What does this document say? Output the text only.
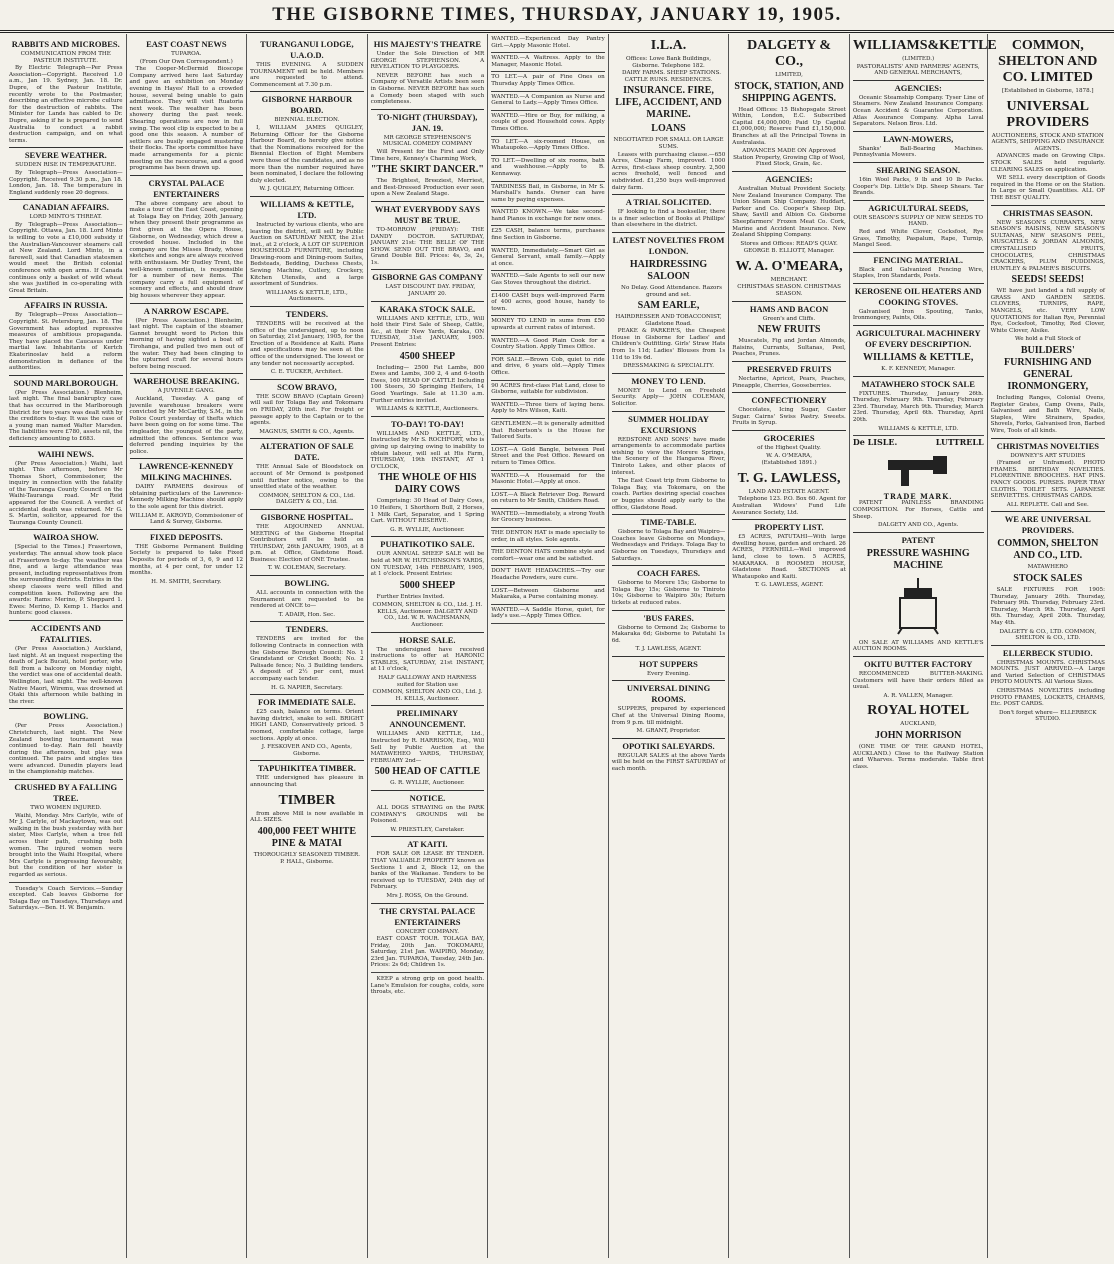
THE GISBORNE TIMES, THURSDAY, JANUARY 19, 1905.
RABBITS AND MICROBES.
COMMUNICATION FROM THE PASTEUR INSTITUTE.

By Electric Telegraph—Per Press Association—Copyright. Received 1.0 a.m., Jan 19. Sydney, Jan. 18. Dr. Dupre, of the Pasteur Institute, recently wrote to the Postmaster, describing an effective microbe culture for the destruction of rabbits. The Minister for Lands has cabled to Dr. Dupre, asking if he is prepared to send Australia to conduct a rabbit destruction campaign, and on what terms.

SEVERE WEATHER.
SUDDEN RISE IN TEMPERATURE.

By Telegraph—Press Association—Copyright. Received 9.30 p.m., Jan 18. London, Jan. 18. The temperature in England suddenly rose 20 degrees.

CANADIAN AFFAIRS.
LORD MINTO'S THREAT.

By Telegraph—Press Association—Copyright. Ottawa, Jan. 18. Lord Minto is willing to vote a £10,000 subsidy if the Australian-Vancouver steamers call at New Zealand. Lord Minto, in a farewell, said that Canadian statesmen would meet the British colonial conference with open arms. If Canada continues only a basket of wild wheat she was justified in co-operating with Great Britain.

AFFAIRS IN RUSSIA.

By Telegraph—Press Association—Copyright. St. Petersburg, Jan. 18. The Government has adopted repressive measures of ambitious propaganda. They have placed the Caucasus under martial law. Inhabitants of Kertch Ekaterinoslav held a reform demonstration in defiance of the authorities.

SOUND MARLBOROUGH.

(Per Press Association.) Blenheim, last night. The final bankruptcy case that has occurred in the Marlborough District for two years was dealt with by the creditors to-day. It was the case of a young man named Walter Marsden. The liabilities were £780, assets nil, the deficiency amounting to £683.

WAIHI NEWS.

(Per Press Association.) Waihi, last night. This afternoon, before Mr Thomas Short, Commissioner, the inquiry in connection with the fatality of the Tauranga County Council on the Waihi-Tauranga road. Mr Reid appeared for the Council. A verdict of accidental death was returned. Mr G. S. Martin, solicitor, appeared for the Tauranga County Council.

WAIROA SHOW.

[Special to the Times.] Frasertown, yesterday. The annual show took place at Frasertown to-day. The weather was fine, and a large attendance was present, including representatives from the surrounding districts. Entries in the sheep classes were well filled and competition keen. Following are the awards: Rams: Merino, P. Sheppard 1. Ewes: Merino, D. Kemp 1. Hacks and hunters: good classes.

ACCIDENTS AND FATALITIES.

(Per Press Association.) Auckland, last night. At an inquest respecting the death of Jack Bucati, hotel porter, who fell from a balcony on Monday night, the verdict was one of accidental death. Wellington, last night. The well-known Native Maori, Wiremu, was drowned at Otaki this afternoon while bathing in the river.

BOWLING.

(Per Press Association.) Christchurch, last night. The New Zealand bowling tournament was continued to-day. Rain fell heavily during the afternoon, but play was continued. The pairs and singles ties were advanced. Dunedin players lead in the championship matches.

CRUSHED BY A FALLING TREE.
TWO WOMEN INJURED.

Waihi, Monday. Mrs Carlyle, wife of Mr J. Carlyle, of Mackaytown, was out walking in the bush yesterday with her sister, Miss Carlyle, when a tree fell across their path, crushing both women. The injured women were brought into the Waihi Hospital, where Mrs Carlyle is progressing favourably, but the condition of her sister is regarded as serious.

Tuesday's Coach Services.—Sunday excepted. Cab leaves Gisborne for Tolaga Bay on Tuesdays, Thursdays and Saturdays.—Ben. H. W. Benjamin.

EAST COAST NEWS
TUPAROA.
(From Our Own Correspondent.)

The Cooper-McDermid Bioscope Company arrived here last Saturday and gave an exhibition on Monday evening in Hayes' Hall to a crowded house, several being unable to gain admittance. They will visit Ruatoria next week. The weather has been showery during the past week. Shearing operations are now in full swing. The wool clip is expected to be a good one this season. A number of settlers are busily engaged mustering their flocks. The sports committee have made arrangements for a picnic meeting on the racecourse, and a good programme has been drawn up.

CRYSTAL PALACE ENTERTAINERS

The above company are about to make a tour of the East Coast, opening at Tolaga Bay on Friday, 20th January, when they present their programme as first given at the Opera House, Gisborne, on Wednesday, which drew a crowded house. Included in the company are the Misses Brady, whose sketches and songs are always received with enthusiasm. Mr Dudley Trent, the well-known comedian, is responsible for a number of new items. The company carry a full equipment of scenery and effects, and should draw big houses wherever they appear.

A NARROW ESCAPE.

(Per Press Association.) Blenheim, last night. The captain of the steamer Gannet brought word to Picton this morning of having sighted a boat off Tirohanga, and pulled two men out of the water. They had been clinging to the upturned craft for several hours before being rescued.

WAREHOUSE BREAKING.
A JUVENILE GANG.

Auckland, Tuesday. A gang of juvenile warehouse breakers were convicted by Mr McCarthy, S.M., in the Police Court yesterday of thefts which have been going on for some time. The ringleader, the youngest of the party, admitted the offences. Sentence was deferred pending inquiries by the police.

LAWRENCE-KENNEDY MILKING MACHINES.

DAIRY FARMERS desirous of obtaining particulars of the Lawrence-Kennedy Milking Machine should apply to the sole agent for this district.

WILLIAM E. AKROYD, Commissioner of Land & Survey, Gisborne.
FIXED DEPOSITS.

THE Gisborne Permanent Building Society is prepared to take Fixed Deposits for periods of 3, 6, 9 and 12 months, at 4 per cent, for under 12 months.

H. M. SMITH, Secretary.
TURANGANUI LODGE, U.A.O.D.

THIS EVENING. A SUDDEN TOURNAMENT will be held. Members are requested to attend. Commencement at 7.30 p.m.

GISBORNE HARBOUR BOARD.
BIENNIAL ELECTION.

I, WILLIAM JAMES QUIGLEY, Returning Officer for the Gisborne Harbour Board, do hereby give notice that the Nominations received for the Biennial Election of Eight Members were those of the candidates, and as no more than the number required have been nominated, I declare the following duly elected.

W. J. QUIGLEY, Returning Officer.
WILLIAMS & KETTLE, LTD.

Instructed by various clients, who are leaving the district, will sell by Public Auction on SATURDAY NEXT, the 21st inst., at 2 o'clock, A LOT OF SUPERIOR HOUSEHOLD FURNITURE, including Drawing-room and Dining-room Suites, Bedsteads, Bedding, Duchess Chests, Sewing Machine, Cutlery, Crockery, Kitchen Utensils, and a large assortment of Sundries.

WILLIAMS & KETTLE, LTD., Auctioneers.
TENDERS.

TENDERS will be received at the office of the undersigned, up to noon on Saturday, 21st January, 1905, for the Erection of a Residence at Kaiti. Plans and specifications may be seen at the office of the undersigned. The lowest or any tender not necessarily accepted.

C. E. TUCKER, Architect.
SCOW BRAVO,

THE SCOW BRAVO (Captain Green) will sail for Tolaga Bay and Tokomaru on FRIDAY, 20th inst. For freight or passage apply to the Captain or to the agents.

MAGNUS, SMITH & CO., Agents.
ALTERATION OF SALE DATE.

THE Annual Sale of Bloodstock on account of Mr Ormond is postponed until further notice, owing to the unsettled state of the weather.

COMMON, SHELTON & CO., Ltd. DALGETY & CO., Ltd.
GISBORNE HOSPITAL.

THE ADJOURNED ANNUAL MEETING of the Gisborne Hospital Contributors will be held on THURSDAY, 26th JANUARY, 1905, at 8 p.m. at Office, Gladstone Road. Business: Election of ONE Trustee.

T. W. COLEMAN, Secretary.
BOWLING.

ALL accounts in connection with the Tournament are requested to be rendered at ONCE to—

T. ADAIR, Hon. Sec.
TENDERS.

TENDERS are invited for the following Contracts in connection with the Gisborne Borough Council: No. 1 Grandstand or Cricket Booth; No. 2 Palisade fence; No. 3 Building tenders. A deposit of 2½ per cent, must accompany each tender.

H. G. NAPIER, Secretary.
FOR IMMEDIATE SALE.

£25 cash, balance on terms. Orient having district, snake to sell. BRIGHT HIGH LAND, Conservatively priced. 5 roomed, comfortable cottage, large sections. Apply at once.

J. FESKOVER AND CO., Agents, Gisborne.
TAPUHIKITEA TIMBER.

THE undersigned has pleasure in announcing that

TIMBER

from above Mill is now available in ALL SIZES.

400,000 FEET WHITE PINE & MATAI
THOROUGHLY SEASONED TIMBER.
P. HALL, Gisborne.
HIS MAJESTY'S THEATRE

Under the Sole Direction of MR GEORGE STEPHENSON. A REVELATION TO PLAYGOERS.

NEVER BEFORE has such a Company of Versatile Artists been seen in Gisborne. NEVER BEFORE has such a Comedy been staged with such completeness.

TO-NIGHT (THURSDAY), JAN. 19.
MR GEORGE STEPHENSON'S MUSICAL COMEDY COMPANY

Will Present for the First and Only Time here, Kenney's Charming Work,

"THE SKIRT DANCER."

The Brightest, Breeziest, Merriest, and Best-Dressed Production ever seen upon a New Zealand Stage.

WHAT EVERYBODY SAYS MUST BE TRUE.

TO-MORROW (FRIDAY): THE DANDY DOCTOR. SATURDAY, JANUARY 21st: THE BELLE OF THE SHOW. SEND OUT THE BRAVO, and Grand Double Bill. Prices: 4s, 3s, 2s, 1s.

GISBORNE GAS COMPANY

LAST DISCOUNT DAY. FRIDAY, JANUARY 20.

KARAKA STOCK SALE.

WILLIAMS AND KETTLE, LTD., Will hold their First Sale of Sheep, Cattle, &c., at their New Yards, Karaka, ON TUESDAY, 31st JANUARY, 1905. Present Entries:

4500 SHEEP

Including— 2500 Fat Lambs, 800 Ewes and Lambs, 300 2, 4 and 6-tooth Ewes, 160 HEAD OF CATTLE Including 100 Steers, 30 Springing Heifers, 14 Good Yearlings. Sale at 11.30 a.m. Further entries invited.

WILLIAMS & KETTLE, Auctioneers.
TO-DAY! TO-DAY!

WILLIAMS AND KETTLE, LTD., Instructed by Mr S. ROCHFORT, who is giving up dairying owing to inability to obtain labour, will sell at His Farm, THURSDAY, 19th INSTANT, AT 1 O'CLOCK,

THE WHOLE OF HIS DAIRY COWS

Comprising: 30 Head of Dairy Cows, 10 Heifers, 1 Shorthorn Bull, 2 Horses, 1 Milk Cart, Separator, and 1 Spring Cart. WITHOUT RESERVE.

G. R. WYLLIE, Auctioneer.
PUHATIKOTIKO SALE.

OUR ANNUAL SHEEP SALE will be held at MR W. HUTCHINSON'S YARDS, ON TUESDAY, 14th FEBRUARY, 1905, at 1 o'clock. Present Entries:

5000 SHEEP

Further Entries Invited.

COMMON, SHELTON & CO., Ltd. J. H. KELLS, Auctioneer. DALGETY AND CO., Ltd. W. R. WACHSMANN, Auctioneer.
HORSE SALE.

The undersigned have received instructions to offer at HARONIC STABLES, SATURDAY, 21st INSTANT, at 11 o'clock,

HALF GALLOWAY AND HARNESS suited for Station use
COMMON, SHELTON AND CO., Ltd. J. H. KELLS, Auctioneer.
PRELIMINARY ANNOUNCEMENT.

WILLIAMS AND KETTLE, Ltd., Instructed by R. HARRISON, Esq., Will Sell by Public Auction at the MATAWEHEO YARDS, THURSDAY, FEBRUARY 2nd—

500 HEAD OF CATTLE
G. R. WYLLIE, Auctioneer.
NOTICE.

ALL DOGS STRAYING on the PARK COMPANY'S GROUNDS will be Poisoned.

W. PRIESTLEY, Caretaker.
AT KAITI.

FOR SALE OR LEASE BY TENDER. THAT VALUABLE PROPERTY known as Sections 1 and 2, Block 12, on the banks of the Waikanae. Tenders to be received up to TUESDAY, 24th day of February.

Mrs J. ROSS, On the Ground.
THE CRYSTAL PALACE ENTERTAINERS
CONCERT COMPANY.

EAST COAST TOUR. TOLAGA BAY, Friday, 20th Jan. TOKOMARU, Saturday, 21st Jan. WAIPIRO, Monday, 23rd Jan. TUPAROA, Tuesday, 24th Jan. Prices: 2s 6d; Children 1s.

KEEP a strong grip on good health. Lane's Emulsion for coughs, colds, sore throats, etc.

WANTED.—Experienced Day Pantry Girl.—Apply Masonic Hotel.

WANTED.—A Waitress. Apply to the Manager, Masonic Hotel.

TO LET.—A pair of Fine Ones on Thursday Apply Times Office.

WANTED.—A Companion as Nurse and General to Lady.—Apply Times Office.

WANTED.—Hire or Buy, for milking, a couple of good Household cows. Apply Times Office.

TO LET.—A six-roomed House, on Whataupoko.—Apply Times Office.

TO LET.—Dwelling of six rooms, bath and washhouse.—Apply to B. Kennaway.

TARDINESS Bail, in Gisborne, in Mr S. Marshall's hands. Owner can have same by paying expenses.

WANTED KNOWN.—We take second-hand Pianos in exchange for new ones.

£25 CASH, balance terms, purchases fine Section in Gisborne.

WANTED, Immediately.—Smart Girl as General Servant, small family.—Apply at once.

WANTED.—Sale Agents to sell our new Gas Stoves throughout the district.

£1400 CASH buys well-improved Farm of 400 acres, good house, handy to town.

MONEY TO LEND in sums from £50 upwards at current rates of interest.

WANTED.—A Good Plain Cook for a Country Station. Apply Times Office.

FOR SALE.—Brown Cob, quiet to ride and drive, 6 years old.—Apply Times Office.

90 ACRES first-class Flat Land, close to Gisborne, suitable for subdivision.

WANTED.—Three tiers of laying hens. Apply to Mrs Wilson, Kaiti.

GENTLEMEN.—It is generally admitted that Robertson's is the House for Tailored Suits.

LOST.—A Gold Bangle, between Peel Street and the Post Office. Reward on return to Times Office.

WANTED.—A Housemaid for the Masonic Hotel.—Apply at once.

LOST.—A Black Retriever Dog. Reward on return to Mr Smith, Childers Road.

WANTED.—Immediately, a strong Youth for Grocery business.

THE DENTON HAT is made specially to order, in all styles. Sole agents.

THE DENTON HATS combine style and comfort—wear one and be satisfied.

DON'T HAVE HEADACHES.—Try our Headache Powders, sure cure.

LOST.—Between Gisborne and Makaraka, a Purse containing money.

WANTED.—A Saddle Horse, quiet, for lady's use.—Apply Times Office.

I.L.A.
Offices: Lowe Bank Buildings, Gisborne. Telephone 182.

DAIRY FARMS. SHEEP STATIONS. CATTLE RUNS. RESIDENCES.

INSURANCE. FIRE, LIFE, ACCIDENT, AND MARINE.
LOANS
NEGOTIATED FOR SMALL OR LARGE SUMS.

Leases with purchasing clause.—650 Acres, Cheap Farm, improved. 1000 Acres, first-class sheep country. 2,500 acres freehold, well fenced and subdivided. £1,250 buys well-improved dairy farm.

A TRIAL SOLICITED.

IF looking to find a bookseller, there is a finer selection of Books at Phillips' than elsewhere in the district.

LATEST NOVELTIES FROM LONDON.
HAIRDRESSING SALOON

No Delay. Good Attendance. Razors ground and set.

SAM EARLE,
HAIRDRESSER AND TOBACCONIST, Gladstone Road.

PEAKE & PARKER'S, the Cheapest House in Gisborne for Ladies' and Children's Outfitting. Girls' Straw Hats from 1s 11d; Ladies' Blouses from 1s 11d to 19s 6d.

DRESSMAKING & SPECIALITY.
MONEY TO LEND.

MONEY to Lend on Freehold Security. Apply— JOHN COLEMAN, Solicitor.

SUMMER HOLIDAY EXCURSIONS

REDSTONE AND SONS' have made arrangements to accommodate parties wishing to view the Morere Springs, the Scenery of the Hangaroa River, Tiniroto Lakes, and other places of interest.

The East Coast trip from Gisborne to Tolaga Bay, via Tokomaru, on the coach. Parties desiring special coaches or buggies should apply early to the office, Gladstone Road.

TIME-TABLE.

Gisborne to Tolaga Bay and Waipiro—Coaches leave Gisborne on Mondays, Wednesdays and Fridays. Tolaga Bay to Gisborne on Tuesdays, Thursdays and Saturdays.

COACH FARES.

Gisborne to Morere 15s; Gisborne to Tolaga Bay 15s; Gisborne to Tiniroto 10s; Gisborne to Waipiro 30s; Return tickets at reduced rates.

'BUS FARES.

Gisborne to Ormond 2s; Gisborne to Makaraka 6d; Gisborne to Patutahi 1s 6d.

T. J. LAWLESS, AGENT.
HOT SUPPERS
Every Evening.
UNIVERSAL DINING ROOMS.

SUPPERS, prepared by experienced Chef at the Universal Dining Rooms, from 9 p.m. till midnight.

M. GRANT, Proprietor.
OPOTIKI SALEYARDS.

REGULAR SALES at the above Yards will be held on the FIRST SATURDAY of each month.

DALGETY & CO.,
LIMITED,
STOCK, STATION, AND SHIPPING AGENTS.

Head Offices: 15 Bishopsgate Street Within, London, E.C. Subscribed Capital £4,000,000; Paid Up Capital £1,000,000; Reserve Fund £1,150,000. Branches at all the Principal Towns in Australasia.

ADVANCES MADE ON Approved Station Property, Growing Clip of Wool, Fixed Stock, Grain, &c.
AGENCIES:

Australian Mutual Provident Society. New Zealand Insurance Company. The Union Steam Ship Company. Huddart, Parker and Co. Cooper's Sheep Dip. Shaw, Savill and Albion Co. Gisborne Sheepfarmers' Frozen Meat Co. Cork, Marine and Accident Insurance. New Zealand Shipping Company.

Stores and Offices: READ'S QUAY.
GEORGE B. ELLIOTT, Manager.
W. A. O'MEARA,
MERCHANT.
CHRISTMAS SEASON. CHRISTMAS SEASON.
HAMS AND BACON
Green's and Cliffs.
NEW FRUITS

Muscatels, Fig and Jordan Almonds, Raisins, Currants, Sultanas, Peel, Peaches, Prunes.

PRESERVED FRUITS

Nectarine, Apricot, Pears, Peaches, Pineapple, Cherries, Gooseberries.

CONFECTIONERY

Chocolates, Icing Sugar, Caster Sugar. Cairns' Swiss Pastry. Sweets. Fruits in Syrup.

GROCERIES
of the Highest Quality.
W. A. O'MEARA,
(Established 1891.)
T. G. LAWLESS,
LAND AND ESTATE AGENT.

Telephone 123. P.O. Box 60. Agent for Australian Widows' Fund Life Assurance Society, Ltd.

PROPERTY LIST.

£5 ACRES, PATUTAHI—With large dwelling house, garden and orchard. 26 ACRES, FERNHILL—Well improved land, close to town. 5 ACRES, MAKARAKA. 8 ROOMED HOUSE, Gladstone Road. SECTIONS at Whataupoko and Kaiti.

T. G. LAWLESS, AGENT.
WILLIAMS&KETTLE
(LIMITED.)
PASTORALISTS' AND FARMERS' AGENTS, AND GENERAL MERCHANTS,
AGENCIES:

Oceanic Steamship Company. Tyser Line of Steamers. New Zealand Insurance Company. Ocean Accident & Guarantee Corporation. Atlas Assurance Company. Alpha Laval Separators. Nelson Bros. Ltd.

LAWN-MOWERS,

Shanks' Ball-Bearing Machines. Pennsylvania Mowers.

SHEARING SEASON.

16in Wool Packs, 9 lb and 10 lb Packs. Cooper's Dip. Little's Dip. Sheep Shears. Tar Brands.

AGRICULTURAL SEEDS,
OUR SEASON'S SUPPLY OF NEW SEEDS TO HAND.

Red and White Clover, Cocksfoot, Rye Grass, Timothy, Paspalum, Rape, Turnip, Mangel Seed.

FENCING MATERIAL.

Black and Galvanized Fencing Wire, Staples, Iron Standards, Posts.

KEROSENE OIL HEATERS AND COOKING STOVES.

Galvanised Iron Spouting, Tanks, Ironmongery, Paints, Oils.

AGRICULTURAL MACHINERY OF EVERY DESCRIPTION.
WILLIAMS & KETTLE,
K. F. KENNEDY, Manager.
MATAWHERO STOCK SALE

FIXTURES. Thursday, January 26th. Thursday, February 9th. Thursday, February 23rd. Thursday, March 9th. Thursday, March 23rd. Thursday, April 6th. Thursday, April 20th.

WILLIAMS & KETTLE, LTD.
De LISLE.	LUTTRELL
TRADE MARK.

PATENT PAINLESS BRANDING COMPOSITION. For Horses, Cattle and Sheep.

DALGETY AND CO., Agents.
PATENT
PRESSURE WASHING MACHINE

ON SALE AT WILLIAMS AND KETTLE'S AUCTION ROOMS.

OKITU BUTTER FACTORY

RECOMMENCED BUTTER-MAKING. Customers will have their orders filled as usual.

A. R. VALLEN, Manager.
ROYAL HOTEL
AUCKLAND,
JOHN MORRISON

(ONE TIME OF THE GRAND HOTEL, AUCKLAND.) Close to the Railway Station and Wharves. Terms moderate. Table first class.

COMMON, SHELTON AND CO. LIMITED
[Established in Gisborne, 1878.]
UNIVERSAL PROVIDERS
AUCTIONEERS, STOCK AND STATION AGENTS, SHIPPING AND INSURANCE AGENTS.

ADVANCES made on Growing Clips. STOCK SALES held regularly. CLEARING SALES on application.

WE SELL every description of Goods required in the Home or on the Station. In Large or Small Quantities. ALL OF THE BEST QUALITY.

CHRISTMAS SEASON.

NEW SEASON'S CURRANTS, NEW SEASON'S RAISINS, NEW SEASON'S SULTANAS, NEW SEASON'S PEEL, MUSCATELS & JORDAN ALMONDS, CRYSTALLISED FRUITS, CHOCOLATES, CHRISTMAS CRACKERS, PLUM PUDDINGS, HUNTLEY & PALMER'S BISCUITS.

SEEDS! SEEDS!

WE have just landed a full supply of GRASS AND GARDEN SEEDS. CLOVERS, TURNIPS, RAPE, MANGELS, etc. VERY LOW QUOTATIONS for Italian Rye, Perennial Rye, Cocksfoot, Timothy, Red Clover, White Clover, Alsike.

We hold a Full Stock of
BUILDERS' FURNISHING AND GENERAL IRONMONGERY,

Including Ranges, Colonial Ovens, Register Grates, Camp Ovens, Pails, Galvanised and Bath Wire, Nails, Staples, Wire Strainers, Spades, Shovels, Forks, Galvanised Iron, Barbed Wire, Tools of all kinds.

CHRISTMAS NOVELTIES
DOWNEY'S ART STUDIES

(Framed or Unframed). PHOTO FRAMES. BIRTHDAY NOVELTIES. FLORENTINE BROOCHES. HAT PINS. FANCY GOODS. PURSES. PAPER TRAY CLOTHS. TOILET SETS. JAPANESE SERVIETTES. CHRISTMAS CARDS.

ALL REPLETE. Call and See.
WE ARE UNIVERSAL PROVIDERS.
COMMON, SHELTON AND CO., LTD.
MATAWHERO
STOCK SALES

SALE FIXTURES FOR 1905: Thursday, January 26th. Thursday, February 9th. Thursday, February 23rd. Thursday, March 9th. Thursday, April 6th. Thursday, April 20th. Thursday, May 4th.

DALGETY & CO., LTD. COMMON, SHELTON & CO., LTD.
ELLERBECK STUDIO.

CHRISTMAS MOUNTS. CHRISTMAS MOUNTS. JUST ARRIVED.—A Large and Varied Selection of CHRISTMAS PHOTO MOUNTS. All Various Sizes.

CHRISTMAS NOVELTIES including PHOTO FRAMES, LOCKETS, CHARMS, Etc. POST CARDS.

Don't forget where— ELLERBECK STUDIO.
